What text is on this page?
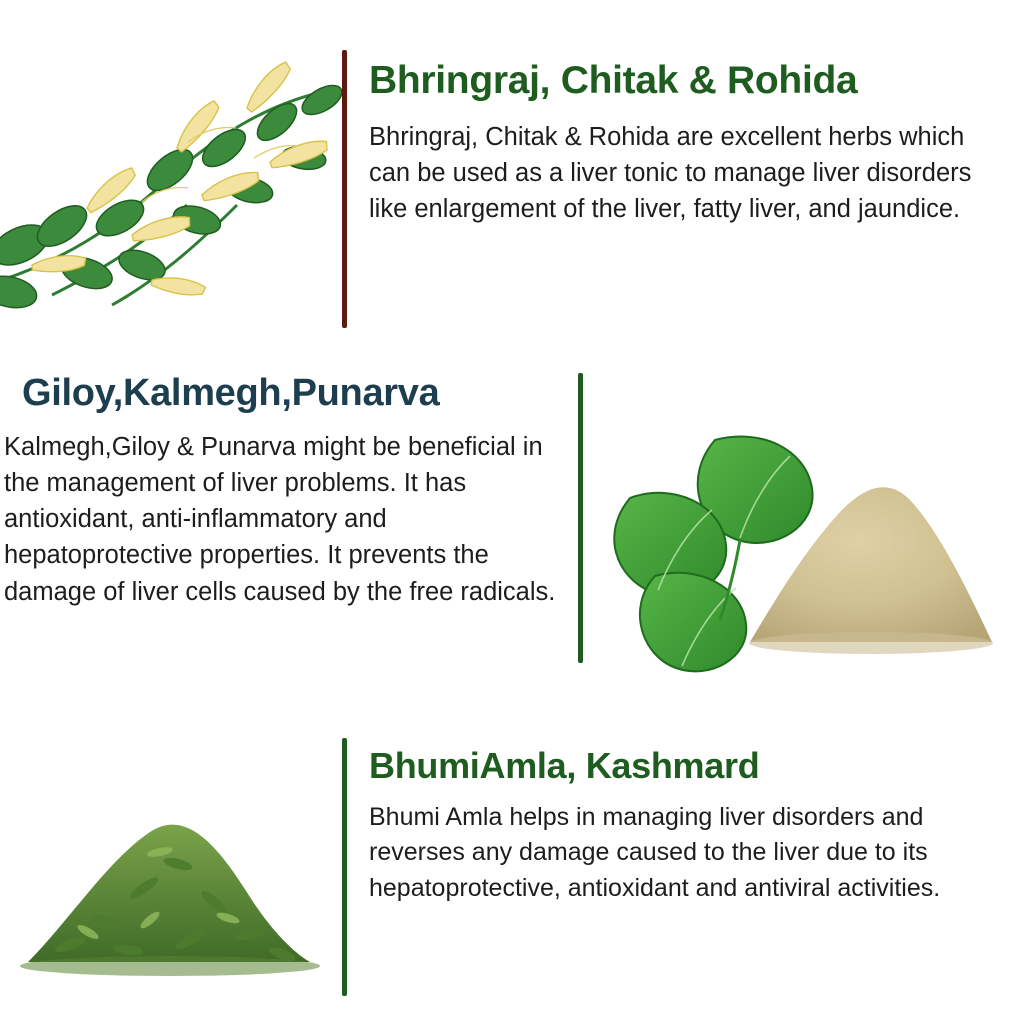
Bhringraj, Chitak & Rohida
Bhringraj, Chitak & Rohida are excellent herbs which can be used as a liver tonic to manage liver disorders like enlargement of the liver, fatty liver, and jaundice.
Giloy,Kalmegh,Punarva
Kalmegh,Giloy & Punarva might be beneficial in the management of liver problems. It has antioxidant, anti-inflammatory and hepatoprotective properties. It prevents the damage of liver cells caused by the free radicals.
BhumiAmla, Kashmard
Bhumi Amla helps in managing liver disorders and reverses any damage caused to the liver due to its hepatoprotective, antioxidant and antiviral activities.
